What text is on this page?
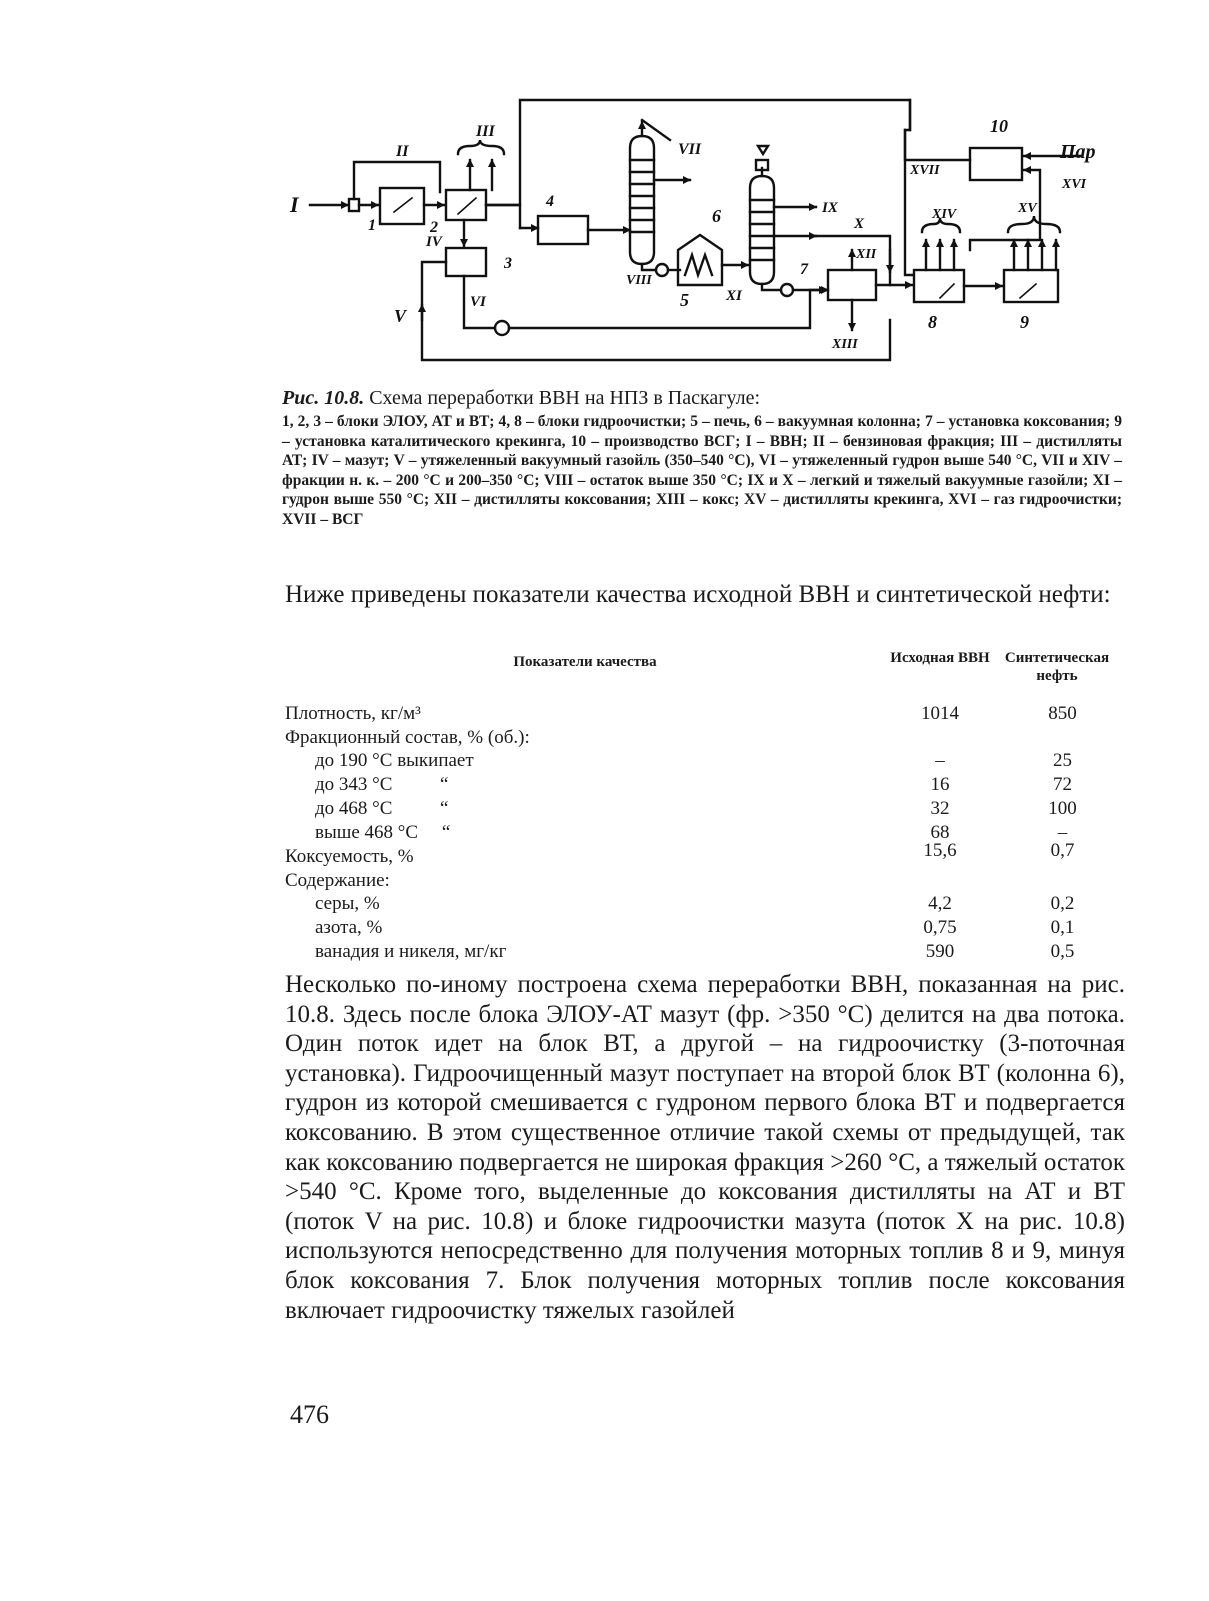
I
II
III
IV
V
VI
VII
VIII
IX
X
XI
XII
XIII
XIV	XV
XVI
XVII
Пар
1	2
3
4
5
6
7
8	9
10
Рис. 10.8. Схема переработки ВВН на НПЗ в Паскагуле:
1, 2, 3 – блоки ЭЛОУ, АТ и ВТ; 4, 8 – блоки гидроочистки; 5 – печь, 6 – вакуумная колонна; 7 – установка коксования; 9 – установка каталитического крекинга, 10 – производство ВСГ; I – ВВН; II – бензиновая фракция; III – дистилляты АТ; IV – мазут; V – утяжеленный вакуумный газойль (350–540 °С), VI – утяжеленный гудрон выше 540 °С, VII и XIV – фракции н. к. – 200 °С и 200–350 °С; VIII – остаток выше 350 °С; IX и X – легкий и тяжелый вакуумные газойли; XI – гудрон выше 550 °С; XII – дистилляты коксования; XIII – кокс; XV – дистилляты крекинга, XVI – газ гидроочистки; XVII – ВСГ
Ниже приведены показатели качества исходной ВВН и синтетической нефти:
Показатели качества	Исходная ВВН	Синтетическая нефть
Плотность, кг/м³	1014	850
Фракционный состав, % (об.):
до 190 °С выкипает	–	25
до 343 °С          “	16	72
до 468 °С          “	32	100
выше 468 °С     “	68	–
Коксуемость, %	15,6	0,7
Содержание:
серы, %	4,2	0,2
азота, %	0,75	0,1
ванадия и никеля, мг/кг	590	0,5
Несколько по-иному построена схема переработки ВВН, показанная на рис. 10.8. Здесь после блока ЭЛОУ-АТ мазут (фр. >350 °С) делится на два потока. Один поток идет на блок ВТ, а другой – на гидроочистку (3-поточная установка). Гидроочищенный мазут поступает на второй блок ВТ (колонна 6), гудрон из которой смешивается с гудроном первого блока ВТ и подвергается коксованию. В этом существенное отличие такой схемы от предыдущей, так как коксованию подвергается не широкая фракция >260 °С, а тяжелый остаток >540 °С. Кроме того, выделенные до коксования дистилляты на АТ и ВТ (поток V на рис. 10.8) и блоке гидроочистки мазута (поток X на рис. 10.8) используются непосредственно для получения моторных топлив 8 и 9, минуя блок коксования 7. Блок получения моторных топлив после коксования включает гидроочистку тяжелых газойлей
476
